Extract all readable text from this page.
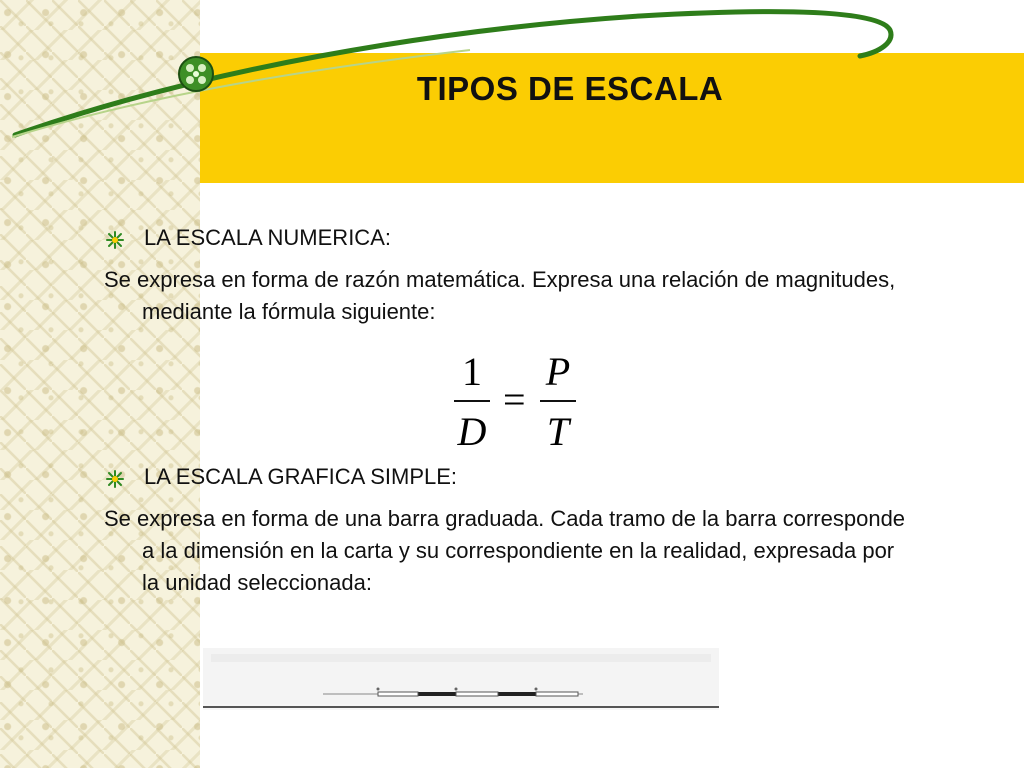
TIPOS DE ESCALA
LA ESCALA NUMERICA:
Se expresa en forma de razón matemática. Expresa una relación de magnitudes,
mediante la fórmula siguiente:
1
D
=
P
T
LA ESCALA GRAFICA SIMPLE:
Se expresa en forma de una barra graduada. Cada tramo de la barra corresponde
a la dimensión en la carta y su correspondiente en la realidad, expresada por
la unidad seleccionada:
